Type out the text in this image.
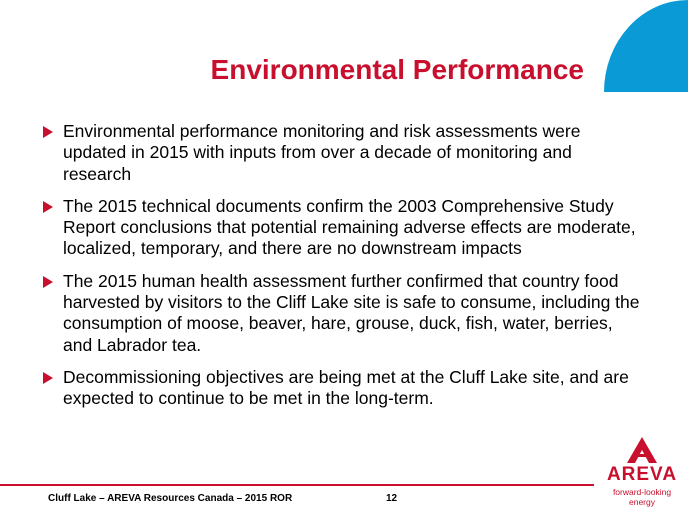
Environmental Performance
Environmental performance monitoring and risk assessments were updated in 2015 with inputs from over a decade of monitoring and research
The 2015 technical documents confirm the 2003 Comprehensive Study Report conclusions that potential remaining adverse effects are moderate, localized, temporary, and there are no downstream impacts
The 2015 human health assessment further confirmed that country food harvested by visitors to the Cliff Lake site is safe to consume, including the consumption of moose, beaver, hare, grouse, duck, fish, water, berries, and Labrador tea.
Decommissioning objectives are being met at the Cluff Lake site, and are expected to continue to be met in the long-term.
Cluff Lake – AREVA Resources Canada – 2015 ROR	12
AREVA
forward-looking energy
